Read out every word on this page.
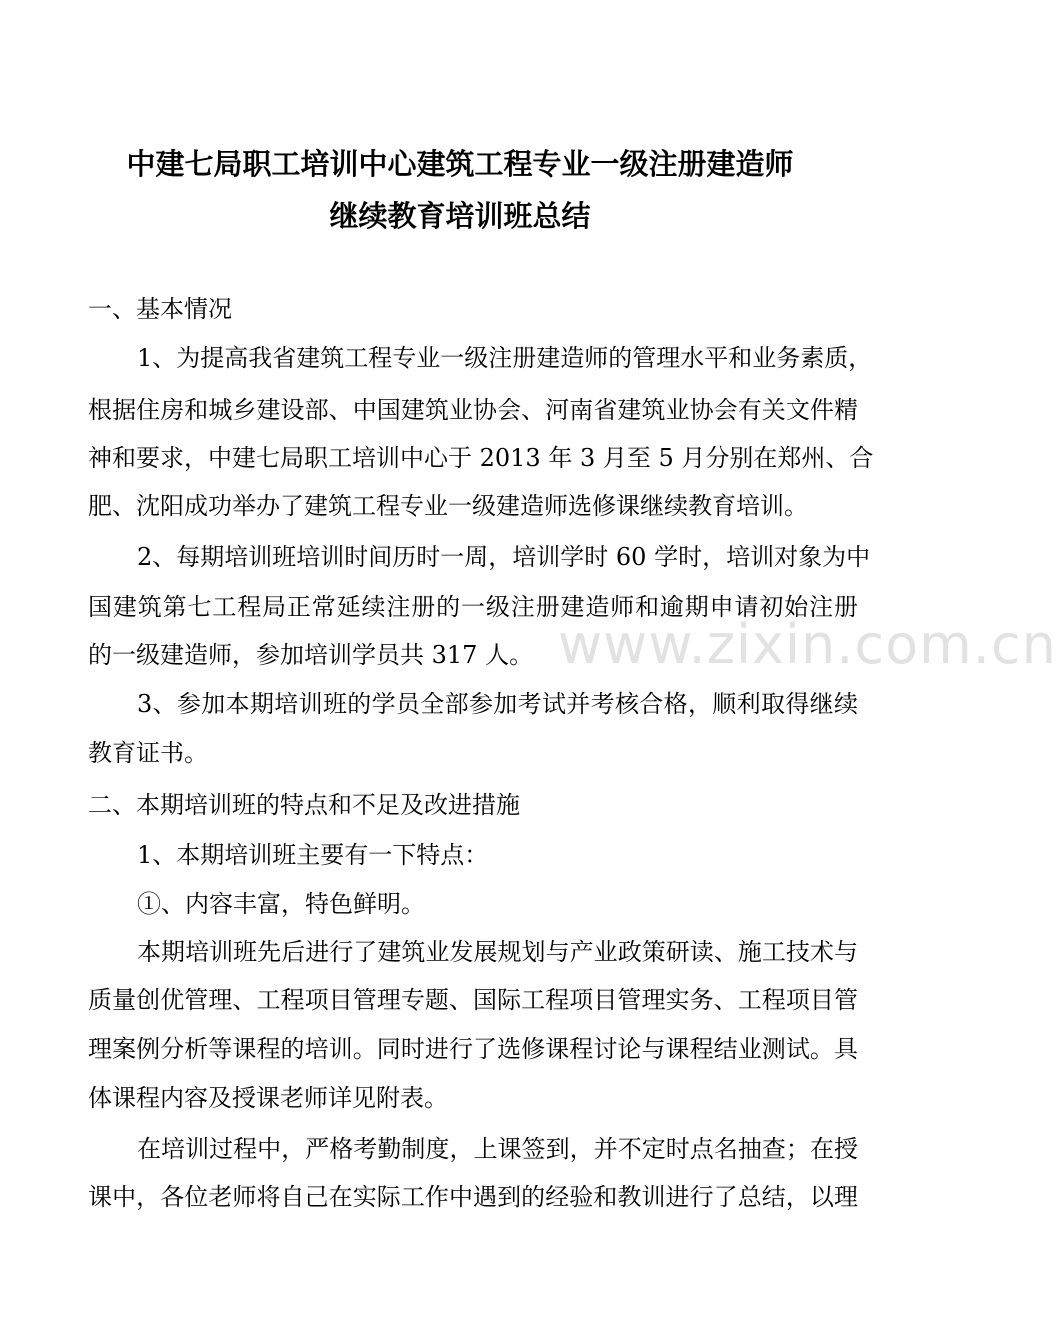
中建七局职工培训中心建筑工程专业一级注册建造师
继续教育培训班总结
一、基本情况
1、为提高我省建筑工程专业一级注册建造师的管理水平和业务素质，
根据住房和城乡建设部、中国建筑业协会、河南省建筑业协会有关文件精
神和要求，中建七局职工培训中心于 2013 年 3 月至 5 月分别在郑州、合
肥、沈阳成功举办了建筑工程专业一级建造师选修课继续教育培训。
2、每期培训班培训时间历时一周，培训学时 60 学时，培训对象为中
国建筑第七工程局正常延续注册的一级注册建造师和逾期申请初始注册
的一级建造师，参加培训学员共 317 人。
3、参加本期培训班的学员全部参加考试并考核合格，顺利取得继续
教育证书。
二、本期培训班的特点和不足及改进措施
1、本期培训班主要有一下特点：
①、内容丰富，特色鲜明。
本期培训班先后进行了建筑业发展规划与产业政策研读、施工技术与
质量创优管理、工程项目管理专题、国际工程项目管理实务、工程项目管
理案例分析等课程的培训。同时进行了选修课程讨论与课程结业测试。具
体课程内容及授课老师详见附表。
在培训过程中，严格考勤制度，上课签到，并不定时点名抽查；在授
课中，各位老师将自己在实际工作中遇到的经验和教训进行了总结，以理
www.zixin.com.cn
